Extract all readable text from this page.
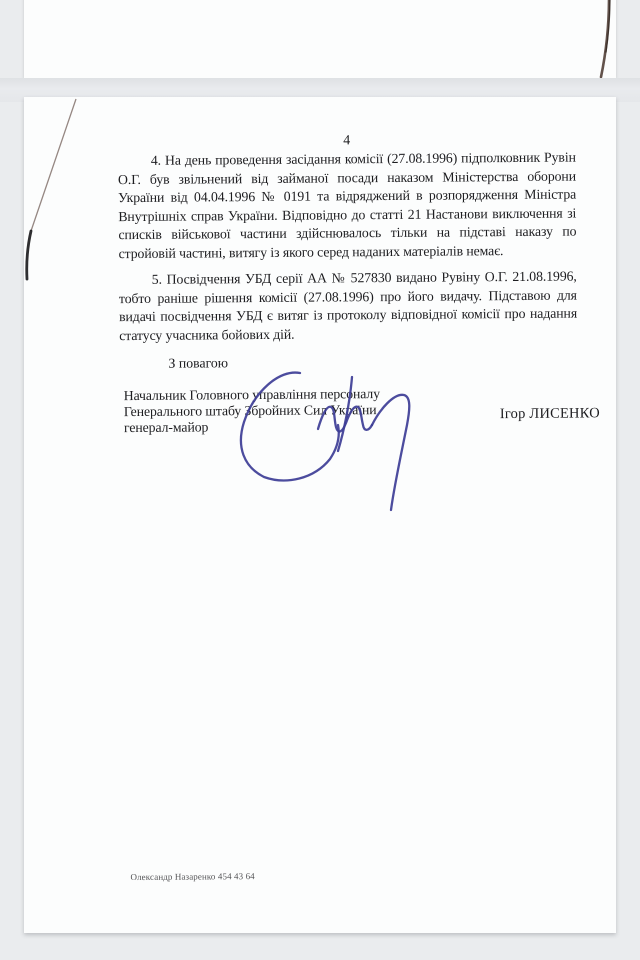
4

4. На день проведення засідання комісії (27.08.1996) підполковник Рувін О.Г. був звільнений від займаної посади наказом Міністерства оборони України від 04.04.1996 № 0191 та відряджений в розпорядження Міністра Внутрішніх справ України. Відповідно до статті 21 Настанови виключення зі списків військової частини здійснювалось тільки на підставі наказу по стройовій частині, витягу із якого серед наданих матеріалів немає.

5. Посвідчення УБД серії АА № 527830 видано Рувіну О.Г. 21.08.1996, тобто раніше рішення комісії (27.08.1996) про його видачу. Підставою для видачі посвідчення УБД є витяг із протоколу відповідної комісії про надання статусу учасника бойових дій.

З повагою
Начальник Головного управління персоналу
Генерального штабу Збройних Сил України
генерал-майор
Ігор ЛИСЕНКО
Олександр Назаренко 454 43 64
